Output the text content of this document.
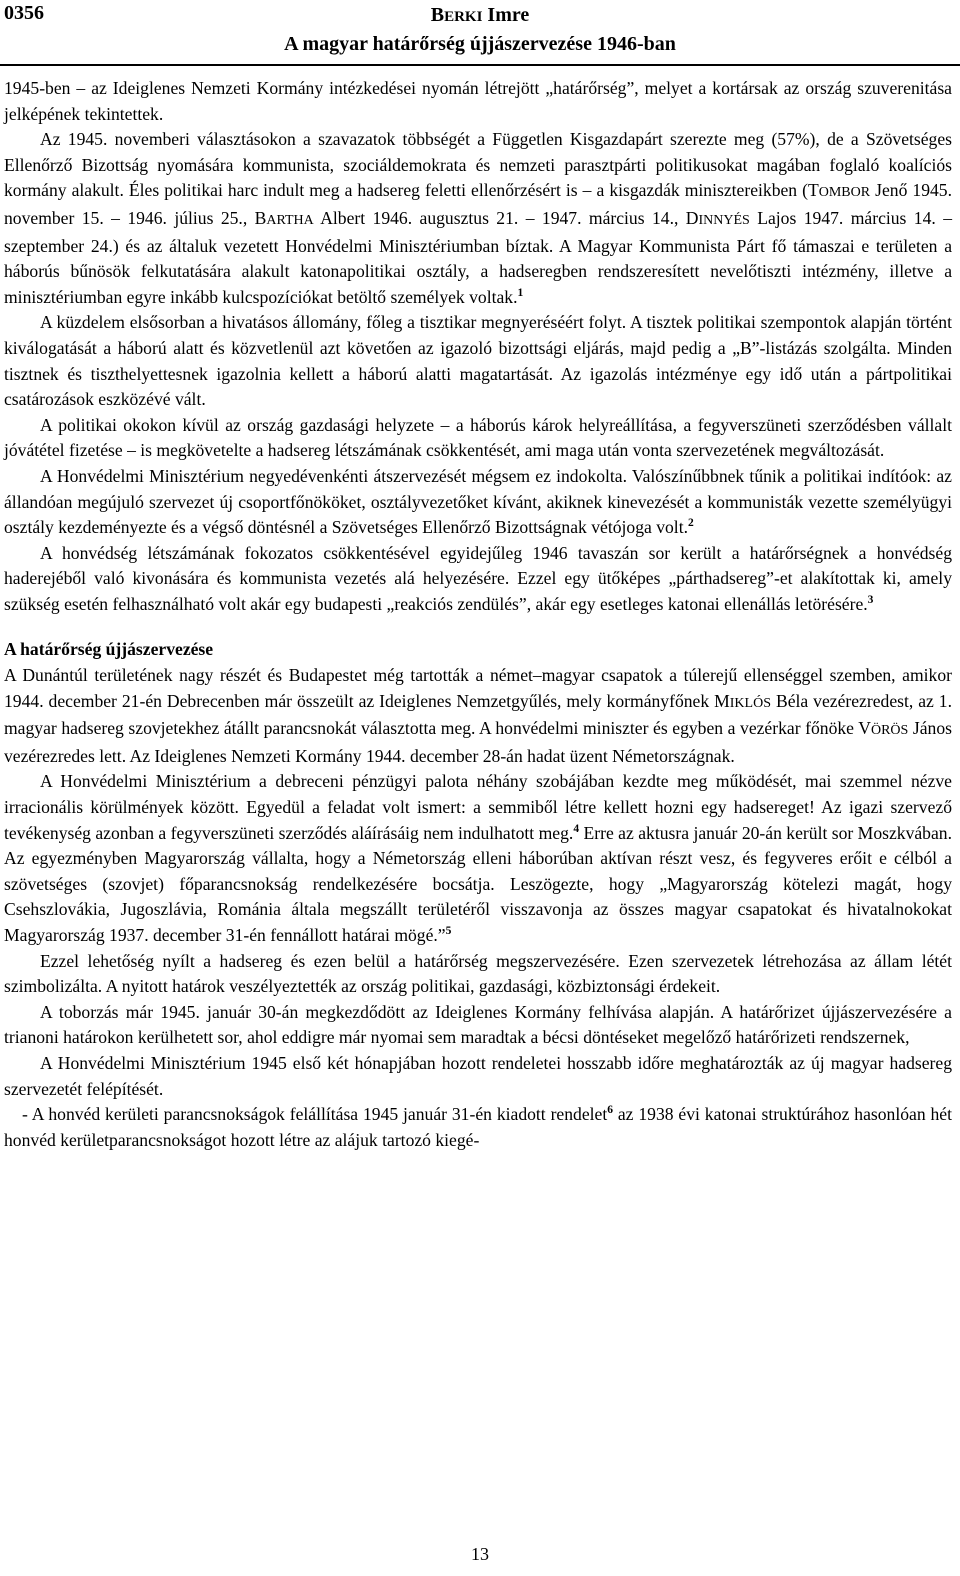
0356	BERKI Imre
A magyar határőrség újjászervezése 1946-ban

1945-ben – az Ideiglenes Nemzeti Kormány intézkedései nyomán létrejött „határőrség”, melyet a kortársak az ország szuverenitása jelképének tekintettek.

Az 1945. novemberi választásokon a szavazatok többségét a Független Kisgazdapárt szerezte meg (57%), de a Szövetséges Ellenőrző Bizottság nyomására kommunista, szociáldemokrata és nemzeti parasztpárti politikusokat magában foglaló koalíciós kormány alakult. Éles politikai harc indult meg a hadsereg feletti ellenőrzésért is – a kisgazdák minisztereikben (TOMBOR Jenő 1945. november 15. – 1946. július 25., BARTHA Albert 1946. augusztus 21. – 1947. március 14., DINNYÉS Lajos 1947. március 14. – szeptember 24.) és az általuk vezetett Honvédelmi Minisztériumban bíztak. A Magyar Kommunista Párt fő támaszai e területen a háborús bűnösök felkutatására alakult katonapolitikai osztály, a hadseregben rendszeresített nevelőtiszti intézmény, illetve a minisztériumban egyre inkább kulcspozíciókat betöltő személyek voltak.$^1$

A küzdelem elsősorban a hivatásos állomány, főleg a tisztikar megnyeréséért folyt. A tisztek politikai szempontok alapján történt kiválogatását a háború alatt és közvetlenül azt követően az igazoló bizottsági eljárás, majd pedig a „B”-listázás szolgálta. Minden tisztnek és tiszthelyettesnek igazolnia kellett a háború alatti magatartását. Az igazolás intézménye egy idő után a pártpolitikai csatározások eszközévé vált.

A politikai okokon kívül az ország gazdasági helyzete – a háborús károk helyreállítása, a fegyverszüneti szerződésben vállalt jóvátétel fizetése – is megkövetelte a hadsereg létszámának csökkentését, ami maga után vonta szervezetének megváltozását.

A Honvédelmi Minisztérium negyedévenkénti átszervezését mégsem ez indokolta. Valószínűbbnek tűnik a politikai indítóok: az állandóan megújuló szervezet új csoportfőnököket, osztályvezetőket kívánt, akiknek kinevezését a kommunisták vezette személyügyi osztály kezdeményezte és a végső döntésnél a Szövetséges Ellenőrző Bizottságnak vétójoga volt.$^2$

A honvédség létszámának fokozatos csökkentésével egyidejűleg 1946 tavaszán sor került a határőrségnek a honvédség haderejéből való kivonására és kommunista vezetés alá helyezésére. Ezzel egy ütőképes „párthadsereg”-et alakítottak ki, amely szükség esetén felhasználható volt akár egy budapesti „reakciós zendülés”, akár egy esetleges katonai ellenállás letörésére.$^3$

A határőrség újjászervezése

A Dunántúl területének nagy részét és Budapestet még tartották a német–magyar csapatok a túlerejű ellenséggel szemben, amikor 1944. december 21-én Debrecenben már összeült az Ideiglenes Nemzetgyűlés, mely kormányfőnek MIKLÓS Béla vezérezredest, az 1. magyar hadsereg szovjetekhez átállt parancsnokát választotta meg. A honvédelmi miniszter és egyben a vezérkar főnöke VÖRÖS János vezérezredes lett. Az Ideiglenes Nemzeti Kormány 1944. december 28-án hadat üzent Németországnak.

A Honvédelmi Minisztérium a debreceni pénzügyi palota néhány szobájában kezdte meg működését, mai szemmel nézve irracionális körülmények között. Egyedül a feladat volt ismert: a semmiből létre kellett hozni egy hadsereget! Az igazi szervező tevékenység azonban a fegyverszüneti szerződés aláírásáig nem indulhatott meg.$^4$ Erre az aktusra január 20-án került sor Moszkvában. Az egyezményben Magyarország vállalta, hogy a Németország elleni háborúban aktívan részt vesz, és fegyveres erőit e célból a szövetséges (szovjet) főparancsnokság rendelkezésére bocsátja. Leszögezte, hogy „Magyarország kötelezi magát, hogy Csehszlovákia, Jugoszlávia, Románia általa megszállt területéről visszavonja az összes magyar csapatokat és hivatalnokokat Magyarország 1937. december 31-én fennállott határai mögé.”$^5$

Ezzel lehetőség nyílt a hadsereg és ezen belül a határőrség megszervezésére. Ezen szervezetek létrehozása az állam létét szimbolizálta. A nyitott határok veszélyeztették az ország politikai, gazdasági, közbiztonsági érdekeit.

A toborzás már 1945. január 30-án megkezdődött az Ideiglenes Kormány felhívása alapján. A határőrizet újjászervezésére a trianoni határokon kerülhetett sor, ahol eddigre már nyomai sem maradtak a bécsi döntéseket megelőző határőrizeti rendszernek,

A Honvédelmi Minisztérium 1945 első két hónapjában hozott rendeletei hosszabb időre meghatározták az új magyar hadsereg szervezetét felépítését.

- A honvéd kerületi parancsnokságok felállítása 1945 január 31-én kiadott rendelet$^6$ az 1938 évi katonai struktúrához hasonlóan hét honvéd kerületparancsnokságot hozott létre az alájuk tartozó kiegé-

13
